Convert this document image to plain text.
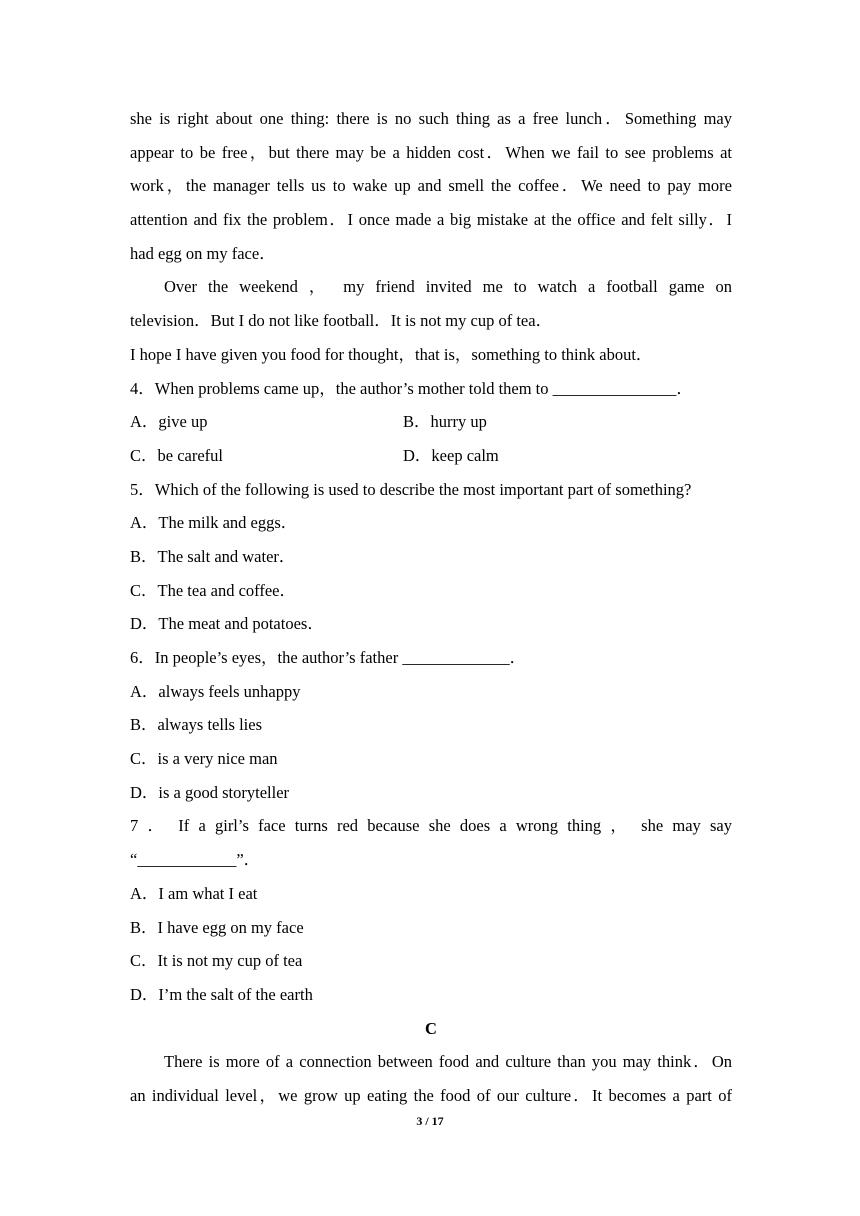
she is right about one thing: there is no such thing as a free lunch．Something may
appear to be free，but there may be a hidden cost．When we fail to see problems at
work，the manager tells us to wake up and smell the coffee．We need to pay more
attention and fix the problem．I once made a big mistake at the office and felt silly．I
had egg on my face．
Over the weekend ， my friend invited me to watch a football game on
television．But I do not like football．It is not my cup of tea．
I hope I have given you food for thought，that is，something to think about．
4．When problems came up，the author’s mother told them to _______________．
A．give up	B．hurry up
C．be careful	D．keep calm
5．Which of the following is used to describe the most important part of something?
A．The milk and eggs．
B．The salt and water．
C．The tea and coffee．
D．The meat and potatoes．
6．In people’s eyes，the author’s father _____________．
A．always feels unhappy
B．always tells lies
C．is a very nice man
D．is a good storyteller
7 ． If a girl’s face turns red because she does a wrong thing ， she may say
“____________”．
A．I am what I eat
B．I have egg on my face
C．It is not my cup of tea
D．I’m the salt of the earth
C
There is more of a connection between food and culture than you may think．On
an individual level，we grow up eating the food of our culture．It becomes a part of
3 / 17
